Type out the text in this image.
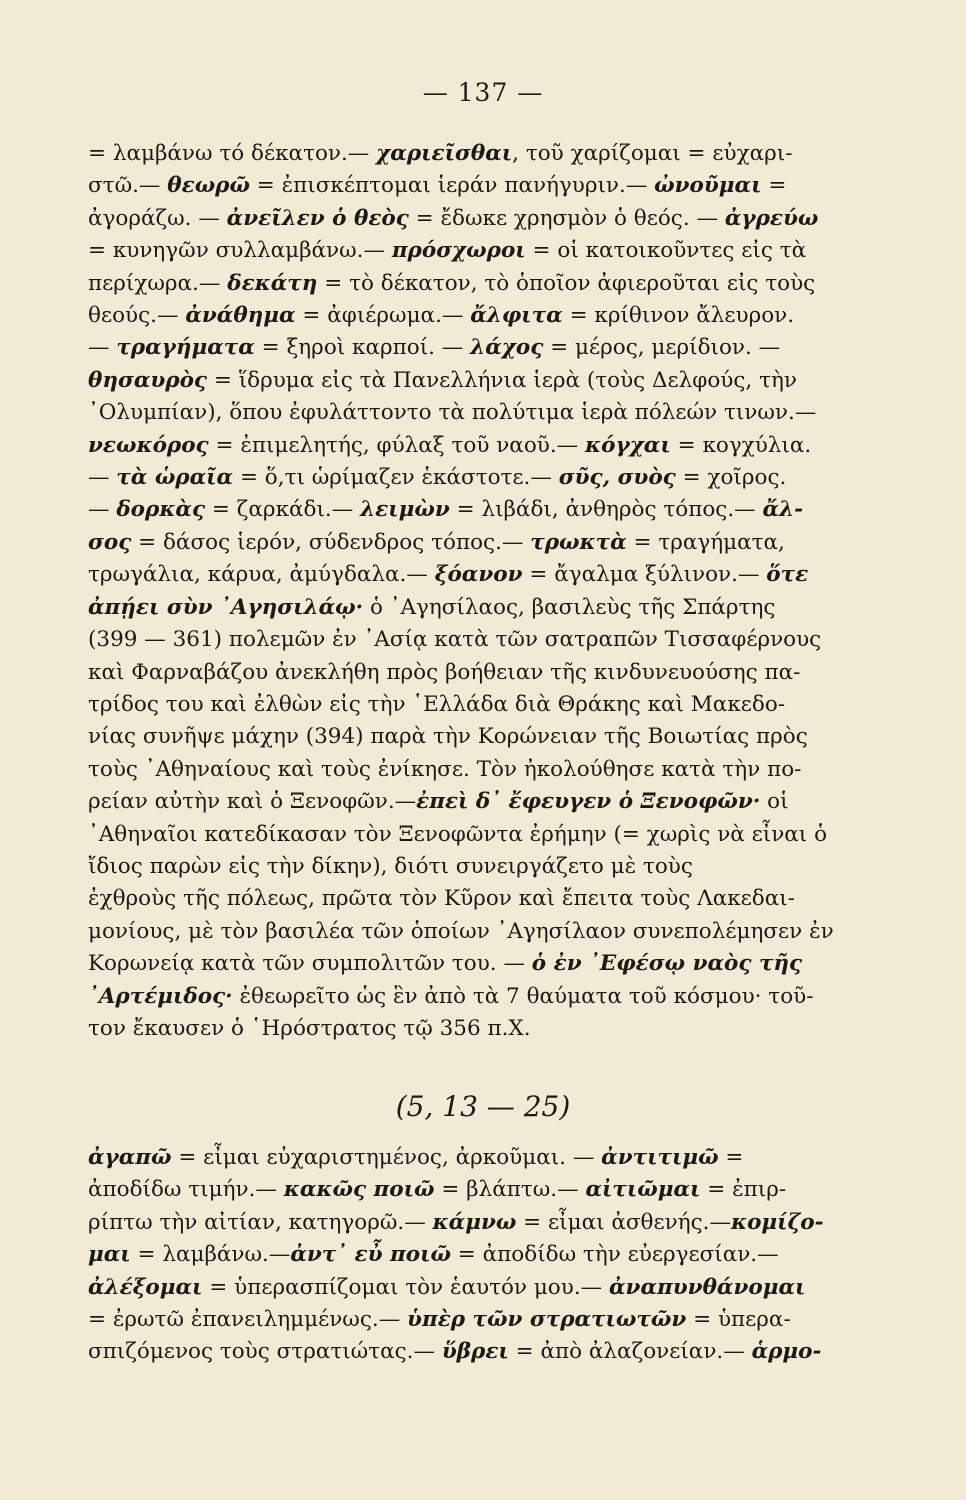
— 137 —
= λαμβάνω τό δέκατον.— χαριεῖσθαι, τοῦ χαρίζομαι = εὐχαρι-
στῶ.— θεωρῶ = ἐπισκέπτομαι ἱεράν πανήγυριν.— ὠνοῦμαι =
ἀγοράζω. — ἀνεῖλεν ὁ θεὸς = ἔδωκε χρησμὸν ὁ θεός. — ἀγρεύω
= κυνηγῶν συλλαμβάνω.— πρόσχωροι = οἱ κατοικοῦντες εἰς τὰ
περίχωρα.— δεκάτη = τὸ δέκατον, τὸ ὁποῖον ἀφιεροῦται εἰς τοὺς
θεούς.— ἀνάθημα = ἀφιέρωμα.— ἄλφιτα = κρίθινον ἄλευρον.
— τραγήματα = ξηροὶ καρποί. — λάχος = μέρος, μερίδιον. —
θησαυρὸς = ἵδρυμα εἰς τὰ Πανελλήνια ἱερὰ (τοὺς Δελφούς, τὴν
᾿Ολυμπίαν), ὅπου ἐφυλάττοντο τὰ πολύτιμα ἱερὰ πόλεών τινων.—
νεωκόρος = ἐπιμελητής, φύλαξ τοῦ ναοῦ.— κόγχαι = κογχύλια.
— τὰ ὡραῖα = ὅ,τι ὡρίμαζεν ἑκάστοτε.— σῦς, συὸς = χοῖρος.
— δορκὰς = ζαρκάδι.— λειμὼν = λιβάδι, ἀνθηρὸς τόπος.— ἄλ-
σος = δάσος ἱερόν, σύδενδρος τόπος.— τρωκτὰ = τραγήματα,
τρωγάλια, κάρυα, ἀμύγδαλα.— ξόανον = ἄγαλμα ξύλινον.— ὅτε
ἀπῄει σὺν ᾿Αγησιλάῳ· ὁ ᾿Αγησίλαος, βασιλεὺς τῆς Σπάρτης
(399 — 361) πολεμῶν ἐν ᾿Ασίᾳ κατὰ τῶν σατραπῶν Τισσαφέρνους
καὶ Φαρναβάζου ἀνεκλήθη πρὸς βοήθειαν τῆς κινδυνευούσης πα-
τρίδος του καὶ ἐλθὼν εἰς τὴν ῾Ελλάδα διὰ Θράκης καὶ Μακεδο-
νίας συνῆψε μάχην (394) παρὰ τὴν Κορώνειαν τῆς Βοιωτίας πρὸς
τοὺς ᾿Αθηναίους καὶ τοὺς ἐνίκησε. Τὸν ἠκολούθησε κατὰ τὴν πο-
ρείαν αὐτὴν καὶ ὁ Ξενοφῶν.—ἐπεὶ δ᾿ ἔφευγεν ὁ Ξενοφῶν· οἱ
᾿Αθηναῖοι κατεδίκασαν τὸν Ξενοφῶντα ἐρήμην (= χωρὶς νὰ εἶναι ὁ
ἴδιος παρὼν εἰς τὴν δίκην), διότι συνειργάζετο μὲ τοὺς
ἐχθροὺς τῆς πόλεως, πρῶτα τὸν Κῦρον καὶ ἔπειτα τοὺς Λακεδαι-
μονίους, μὲ τὸν βασιλέα τῶν ὁποίων ᾿Αγησίλαον συνεπολέμησεν ἐν
Κορωνείᾳ κατὰ τῶν συμπολιτῶν του. — ὁ ἐν ᾿Εφέσῳ ναὸς τῆς
᾿Αρτέμιδος· ἐθεωρεῖτο ὡς ἓν ἀπὸ τὰ 7 θαύματα τοῦ κόσμου· τοῦ-
τον ἔκαυσεν ὁ ῾Ηρόστρατος τῷ 356 π.Χ.
(5, 13 — 25)
ἀγαπῶ = εἶμαι εὐχαριστημένος, ἀρκοῦμαι. — ἀντιτιμῶ =
ἀποδίδω τιμήν.— κακῶς ποιῶ = βλάπτω.— αἰτιῶμαι = ἐπιρ-
ρίπτω τὴν αἰτίαν, κατηγορῶ.— κάμνω = εἶμαι ἀσθενής.—κομίζο-
μαι = λαμβάνω.—ἀντ᾿ εὖ ποιῶ = ἀποδίδω τὴν εὐεργεσίαν.—
ἀλέξομαι = ὑπερασπίζομαι τὸν ἑαυτόν μου.— ἀναπυνθάνομαι
= ἐρωτῶ ἐπανειλημμένως.— ὑπὲρ τῶν στρατιωτῶν = ὑπερα-
σπιζόμενος τοὺς στρατιώτας.— ὕβρει = ἀπὸ ἀλαζονείαν.— ἁρμο-
